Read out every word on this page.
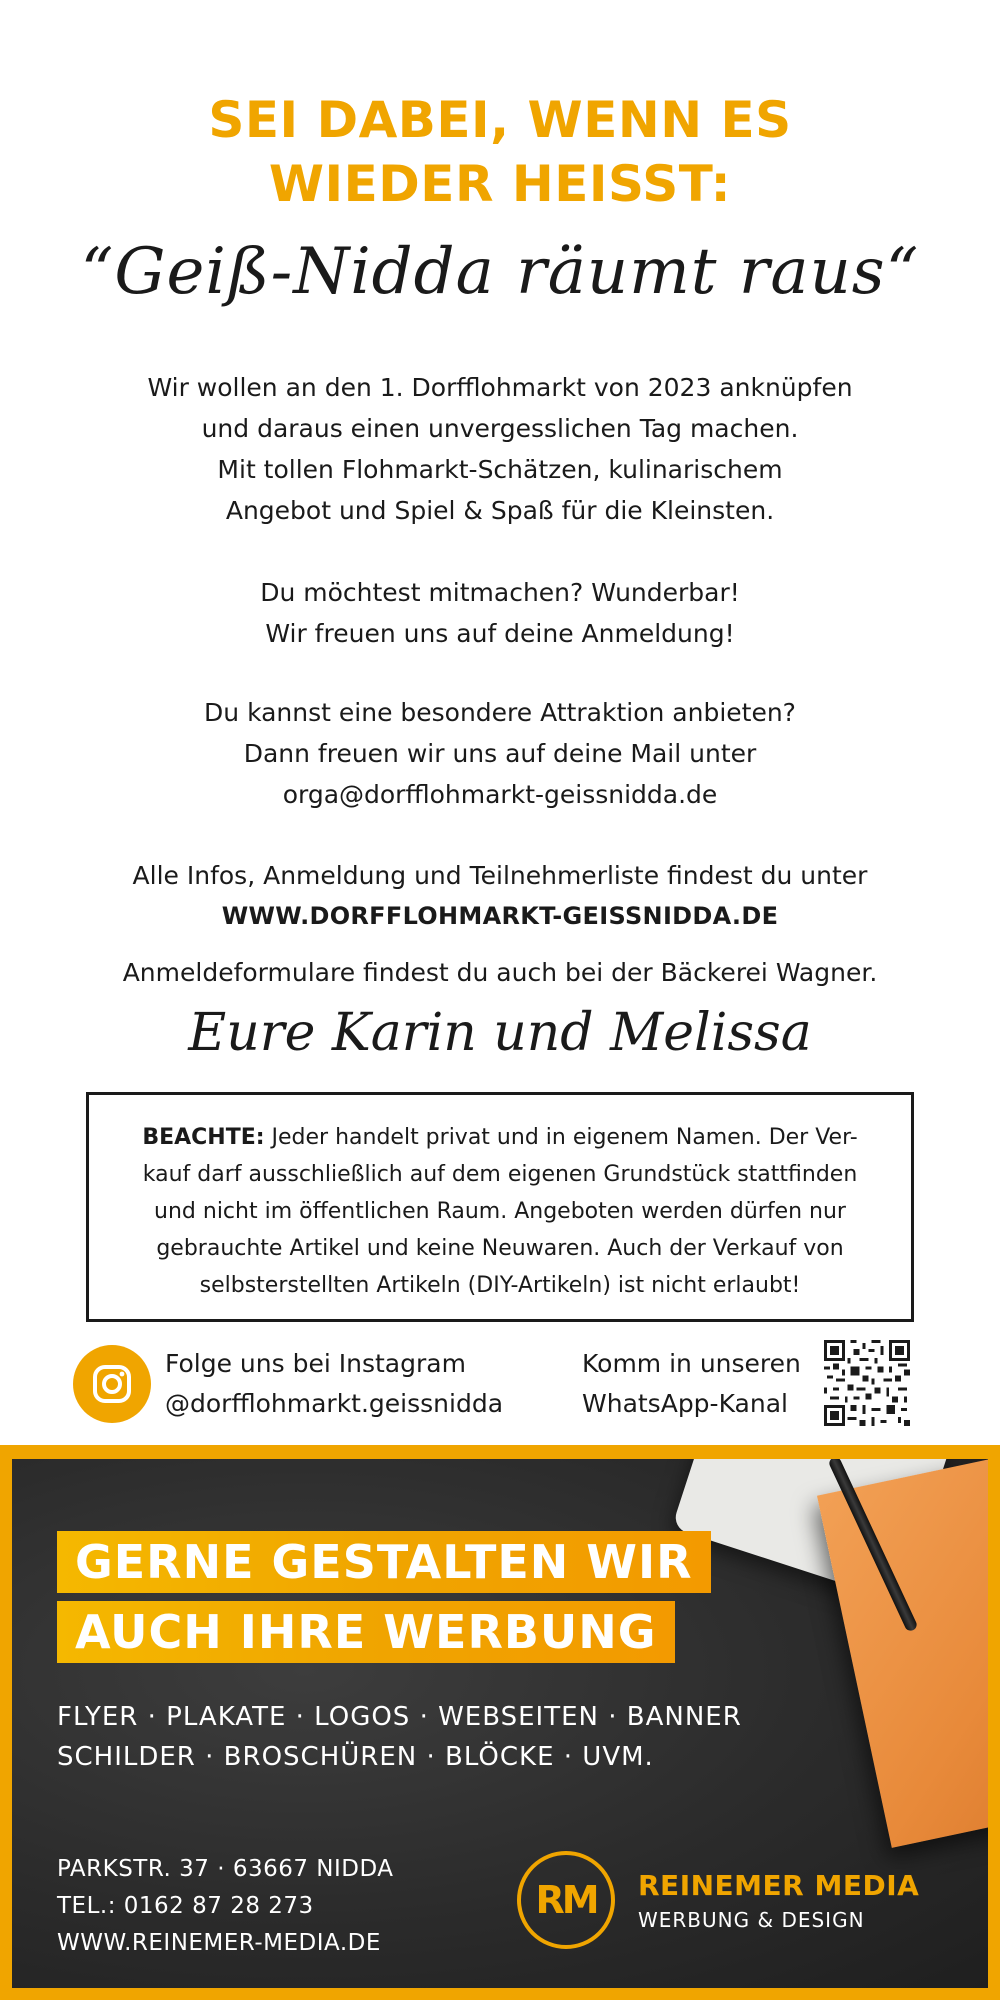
SEI DABEI, WENN ES
WIEDER HEISST:
“Geiß-Nidda räumt raus“
Wir wollen an den 1. Dorfflohmarkt von 2023 anknüpfen
und daraus einen unvergesslichen Tag machen.
Mit tollen Flohmarkt-Schätzen, kulinarischem
Angebot und Spiel & Spaß für die Kleinsten.
Du möchtest mitmachen? Wunderbar!
Wir freuen uns auf deine Anmeldung!
Du kannst eine besondere Attraktion anbieten?
Dann freuen wir uns auf deine Mail unter
orga@dorfflohmarkt-geissnidda.de
Alle Infos, Anmeldung und Teilnehmerliste findest du unter
WWW.DORFFLOHMARKT-GEISSNIDDA.DE
Anmeldeformulare findest du auch bei der Bäckerei Wagner.
Eure Karin und Melissa
BEACHTE: Jeder handelt privat und in eigenem Namen. Der Ver-
kauf darf ausschließlich auf dem eigenen Grundstück stattfinden
und nicht im öffentlichen Raum. Angeboten werden dürfen nur
gebrauchte Artikel und keine Neuwaren. Auch der Verkauf von
selbsterstellten Artikeln (DIY-Artikeln) ist nicht erlaubt!
Folge uns bei Instagram
@dorfflohmarkt.geissnidda
Komm in unseren
WhatsApp-Kanal
GERNE GESTALTEN WIR
AUCH IHRE WERBUNG
FLYER · PLAKATE · LOGOS · WEBSEITEN · BANNER
SCHILDER · BROSCHÜREN · BLÖCKE · UVM.
PARKSTR. 37 · 63667 NIDDA
TEL.: 0162 87 28 273
WWW.REINEMER-MEDIA.DE
RM	REINEMER MEDIA
WERBUNG & DESIGN
